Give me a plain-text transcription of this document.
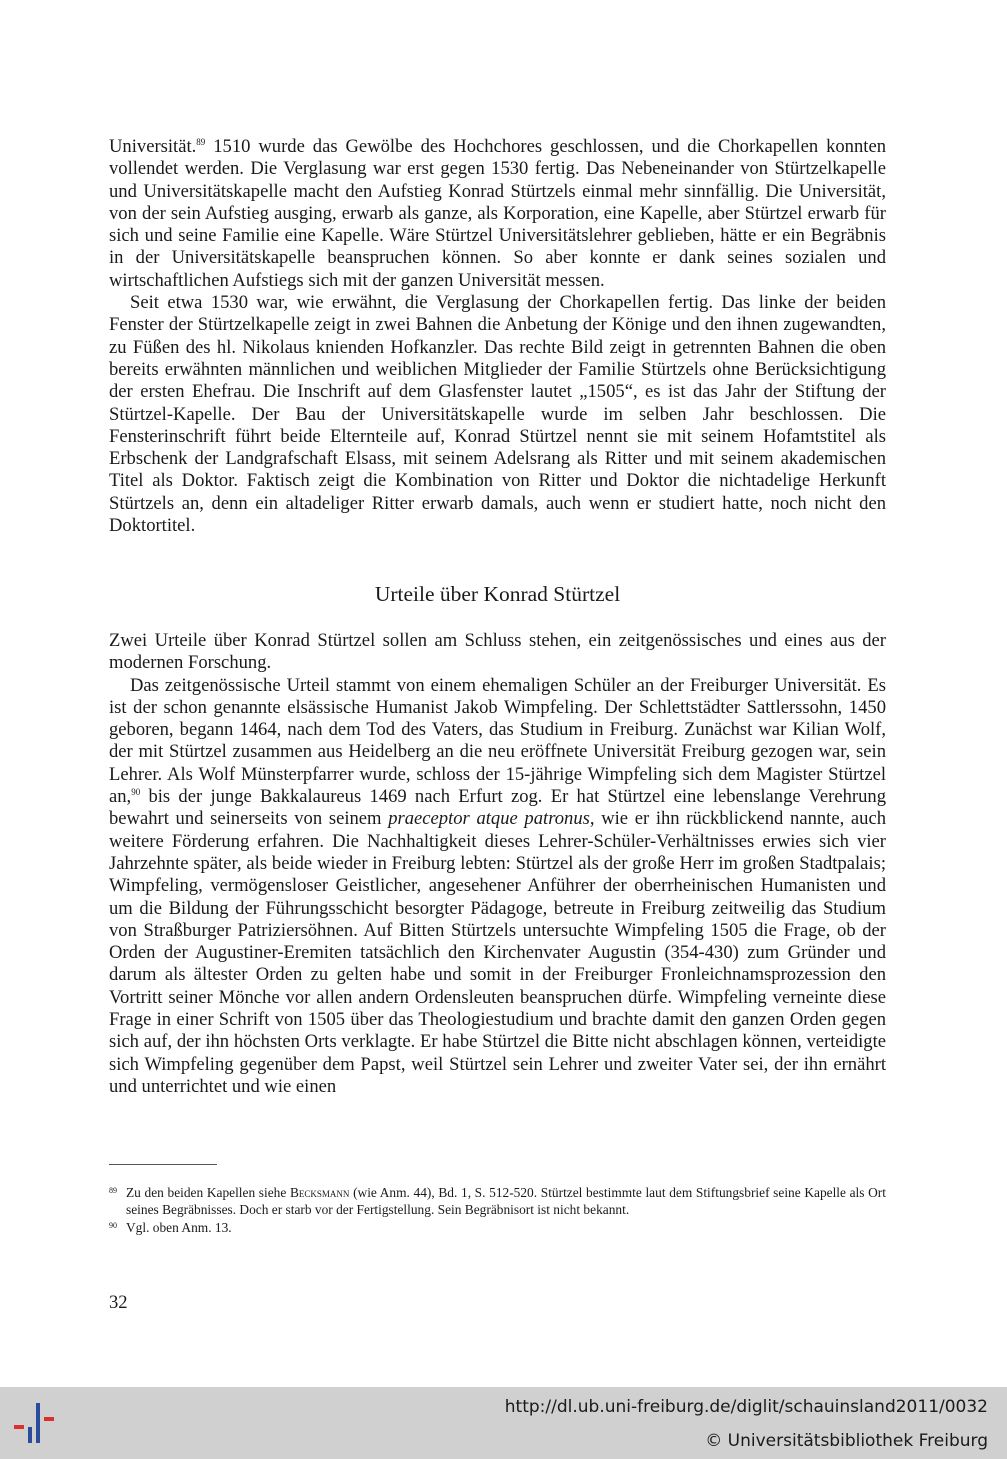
Universität.$^{89}$ 1510 wurde das Gewölbe des Hochchores geschlossen, und die Chorkapellen konnten vollendet werden. Die Verglasung war erst gegen 1530 fertig. Das Nebeneinander von Stürtzelkapelle und Universitätskapelle macht den Aufstieg Konrad Stürtzels einmal mehr sinnfällig. Die Universität, von der sein Aufstieg ausging, erwarb als ganze, als Korporation, eine Kapelle, aber Stürtzel erwarb für sich und seine Familie eine Kapelle. Wäre Stürtzel Universitätslehrer geblieben, hätte er ein Begräbnis in der Universitätskapelle beanspruchen können. So aber konnte er dank seines sozialen und wirtschaftlichen Aufstiegs sich mit der ganzen Universität messen.

Seit etwa 1530 war, wie erwähnt, die Verglasung der Chorkapellen fertig. Das linke der beiden Fenster der Stürtzelkapelle zeigt in zwei Bahnen die Anbetung der Könige und den ihnen zugewandten, zu Füßen des hl. Nikolaus knienden Hofkanzler. Das rechte Bild zeigt in getrennten Bahnen die oben bereits erwähnten männlichen und weiblichen Mitglieder der Familie Stürtzels ohne Berücksichtigung der ersten Ehefrau. Die Inschrift auf dem Glasfenster lautet „1505“, es ist das Jahr der Stiftung der Stürtzel-Kapelle. Der Bau der Universitätskapelle wurde im selben Jahr beschlossen. Die Fensterinschrift führt beide Elternteile auf, Konrad Stürtzel nennt sie mit seinem Hofamtstitel als Erbschenk der Landgrafschaft Elsass, mit seinem Adelsrang als Ritter und mit seinem akademischen Titel als Doktor. Faktisch zeigt die Kombination von Ritter und Doktor die nichtadelige Herkunft Stürtzels an, denn ein altadeliger Ritter erwarb damals, auch wenn er studiert hatte, noch nicht den Doktortitel.

Urteile über Konrad Stürtzel

Zwei Urteile über Konrad Stürtzel sollen am Schluss stehen, ein zeitgenössisches und eines aus der modernen Forschung.

Das zeitgenössische Urteil stammt von einem ehemaligen Schüler an der Freiburger Universität. Es ist der schon genannte elsässische Humanist Jakob Wimpfeling. Der Schlettstädter Sattlerssohn, 1450 geboren, begann 1464, nach dem Tod des Vaters, das Studium in Freiburg. Zunächst war Kilian Wolf, der mit Stürtzel zusammen aus Heidelberg an die neu eröffnete Universität Freiburg gezogen war, sein Lehrer. Als Wolf Münsterpfarrer wurde, schloss der 15-jährige Wimpfeling sich dem Magister Stürtzel an,$^{90}$ bis der junge Bakkalaureus 1469 nach Erfurt zog. Er hat Stürtzel eine lebenslange Verehrung bewahrt und seinerseits von seinem praeceptor atque patronus, wie er ihn rückblickend nannte, auch weitere Förderung erfahren. Die Nachhaltigkeit dieses Lehrer-Schüler-Verhältnisses erwies sich vier Jahrzehnte später, als beide wieder in Freiburg lebten: Stürtzel als der große Herr im großen Stadtpalais; Wimpfeling, vermögensloser Geistlicher, angesehener Anführer der oberrheinischen Humanisten und um die Bildung der Führungsschicht besorgter Pädagoge, betreute in Freiburg zeitweilig das Studium von Straßburger Patriziersöhnen. Auf Bitten Stürtzels untersuchte Wimpfeling 1505 die Frage, ob der Orden der Augustiner-Eremiten tatsächlich den Kirchenvater Augustin (354-430) zum Gründer und darum als ältester Orden zu gelten habe und somit in der Freiburger Fronleichnamsprozession den Vortritt seiner Mönche vor allen andern Ordensleuten beanspruchen dürfe. Wimpfeling verneinte diese Frage in einer Schrift von 1505 über das Theologiestudium und brachte damit den ganzen Orden gegen sich auf, der ihn höchsten Orts verklagte. Er habe Stürtzel die Bitte nicht abschlagen können, verteidigte sich Wimpfeling gegenüber dem Papst, weil Stürtzel sein Lehrer und zweiter Vater sei, der ihn ernährt und unterrichtet und wie einen

89 Zu den beiden Kapellen siehe Becksmann (wie Anm. 44), Bd. 1, S. 512-520. Stürtzel bestimmte laut dem Stiftungsbrief seine Kapelle als Ort seines Begräbnisses. Doch er starb vor der Fertigstellung. Sein Begräbnisort ist nicht bekannt.

90 Vgl. oben Anm. 13.

32
http://dl.ub.uni-freiburg.de/diglit/schauinsland2011/0032
© Universitätsbibliothek Freiburg
